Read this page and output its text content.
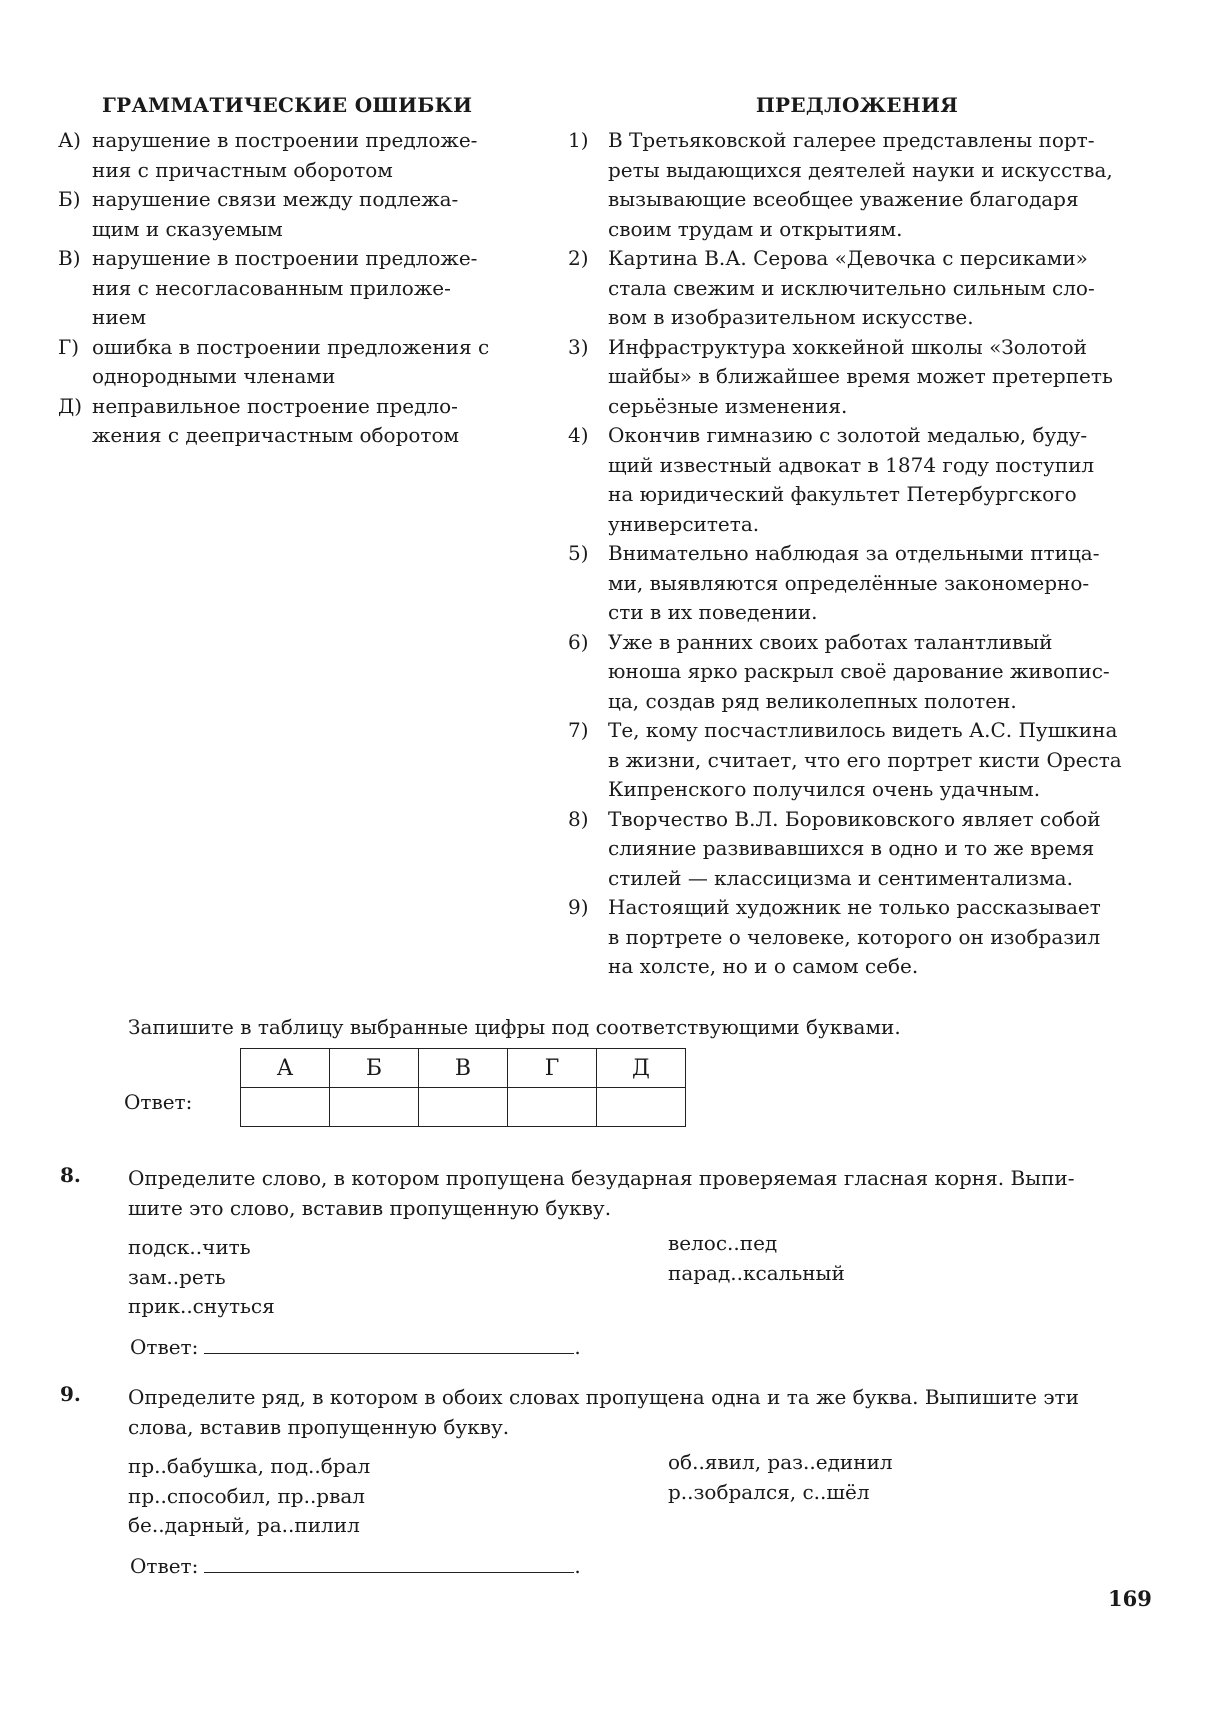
ГРАММАТИЧЕСКИЕ ОШИБКИ
А) нарушение в построении предложе-
ния с причастным оборотом
Б) нарушение связи между подлежа-
щим и сказуемым
В) нарушение в построении предложе-
ния с несогласованным приложе-
нием
Г) ошибка в построении предложения с
однородными членами
Д) неправильное построение предло-
жения с деепричастным оборотом
ПРЕДЛОЖЕНИЯ
1) В Третьяковской галерее представлены порт-
реты выдающихся деятелей науки и искусства,
вызывающие всеобщее уважение благодаря
своим трудам и открытиям.
2) Картина В.А. Серова «Девочка с персиками»
стала свежим и исключительно сильным сло-
вом в изобразительном искусстве.
3) Инфраструктура хоккейной школы «Золотой
шайбы» в ближайшее время может претерпеть
серьёзные изменения.
4) Окончив гимназию с золотой медалью, буду-
щий известный адвокат в 1874 году поступил
на юридический факультет Петербургского
университета.
5) Внимательно наблюдая за отдельными птица-
ми, выявляются определённые закономерно-
сти в их поведении.
6) Уже в ранних своих работах талантливый
юноша ярко раскрыл своё дарование живопис-
ца, создав ряд великолепных полотен.
7) Те, кому посчастливилось видеть А.С. Пушкина
в жизни, считает, что его портрет кисти Ореста
Кипренского получился очень удачным.
8) Творчество В.Л. Боровиковского являет собой
слияние развивавшихся в одно и то же время
стилей — классицизма и сентиментализма.
9) Настоящий художник не только рассказывает
в портрете о человеке, которого он изобразил
на холсте, но и о самом себе.
Запишите в таблицу выбранные цифры под соответствующими буквами.
Ответ:
А	Б	В	Г	Д

8. Определите слово, в котором пропущена безударная проверяемая гласная корня. Выпи-
шите это слово, вставив пропущенную букву.
подск..чить
зам..реть
прик..снуться
велос..пед
парад..ксальный
Ответ:	.
9. Определите ряд, в котором в обоих словах пропущена одна и та же буква. Выпишите эти
слова, вставив пропущенную букву.
пр..бабушка, под..брал
пр..способил, пр..рвал
бе..дарный, ра..пилил
об..явил, раз..единил
р..зобрался, с..шёл
Ответ:	.
169
